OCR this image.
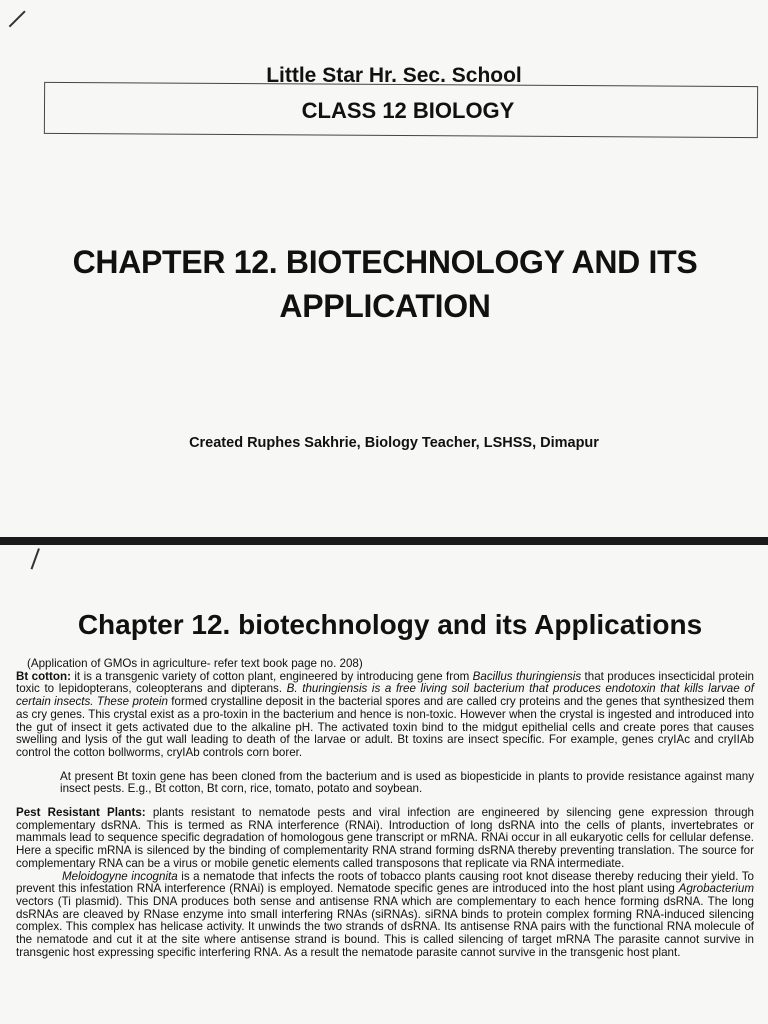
Little Star Hr. Sec. School
CLASS 12 BIOLOGY
CHAPTER 12. BIOTECHNOLOGY AND ITS
APPLICATION
Created Ruphes Sakhrie, Biology Teacher, LSHSS, Dimapur
Chapter 12. biotechnology and its Applications

(Application of GMOs in agriculture- refer text book page no. 208)

Bt cotton: it is a transgenic variety of cotton plant, engineered by introducing gene from Bacillus thuringiensis that produces insecticidal protein toxic to lepidopterans, coleopterans and dipterans. B. thuringiensis is a free living soil bacterium that produces endotoxin that kills larvae of certain insects. These protein formed crystalline deposit in the bacterial spores and are called cry proteins and the genes that synthesized them as cry genes. This crystal exist as a pro-toxin in the bacterium and hence is non-toxic. However when the crystal is ingested and introduced into the gut of insect it gets activated due to the alkaline pH. The activated toxin bind to the midgut epithelial cells and create pores that causes swelling and lysis of the gut wall leading to death of the larvae or adult. Bt toxins are insect specific. For example, genes cryIAc and cryIIAb control the cotton bollworms, cryIAb controls corn borer.

At present Bt toxin gene has been cloned from the bacterium and is used as biopesticide in plants to provide resistance against many insect pests. E.g., Bt cotton, Bt corn, rice, tomato, potato and soybean.

Pest Resistant Plants: plants resistant to nematode pests and viral infection are engineered by silencing gene expression through complementary dsRNA. This is termed as RNA interference (RNAi). Introduction of long dsRNA into the cells of plants, invertebrates or mammals lead to sequence specific degradation of homologous gene transcript or mRNA. RNAi occur in all eukaryotic cells for cellular defense. Here a specific mRNA is silenced by the binding of complementarity RNA strand forming dsRNA thereby preventing translation. The source for complementary RNA can be a virus or mobile genetic elements called transposons that replicate via RNA intermediate.

Meloidogyne incognita is a nematode that infects the roots of tobacco plants causing root knot disease thereby reducing their yield. To prevent this infestation RNA interference (RNAi) is employed. Nematode specific genes are introduced into the host plant using Agrobacterium vectors (Ti plasmid). This DNA produces both sense and antisense RNA which are complementary to each hence forming dsRNA. The long dsRNAs are cleaved by RNase enzyme into small interfering RNAs (siRNAs). siRNA binds to protein complex forming RNA-induced silencing complex. This complex has helicase activity. It unwinds the two strands of dsRNA. Its antisense RNA pairs with the functional RNA molecule of the nematode and cut it at the site where antisense strand is bound. This is called silencing of target mRNA The parasite cannot survive in transgenic host expressing specific interfering RNA. As a result the nematode parasite cannot survive in the transgenic host plant.
